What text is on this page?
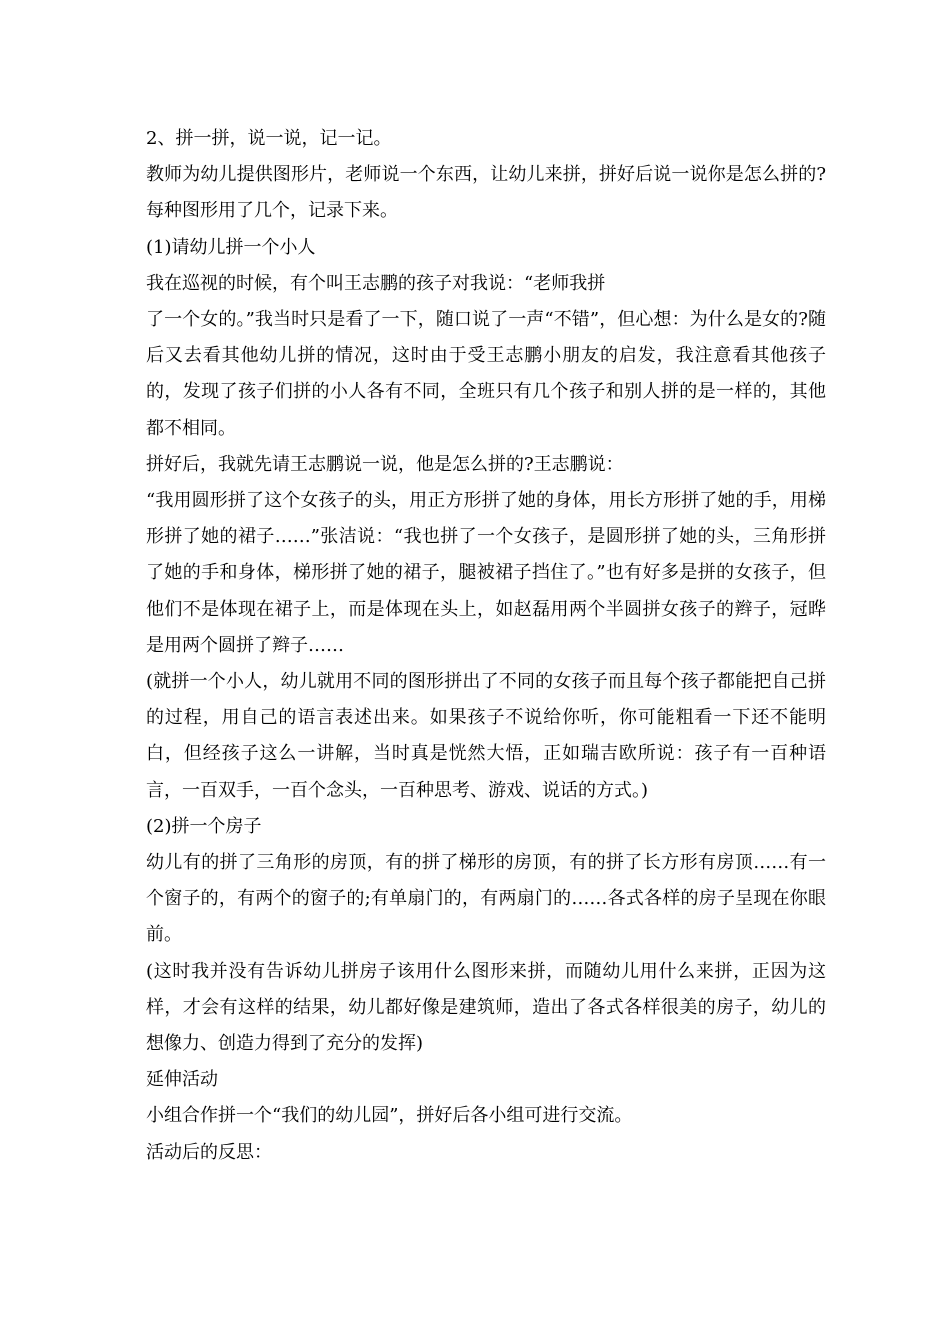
2、拼一拼，说一说，记一记。

教师为幼儿提供图形片，老师说一个东西，让幼儿来拼，拼好后说一说你是怎么拼的?每种图形用了几个，记录下来。

(1)请幼儿拼一个小人

我在巡视的时候，有个叫王志鹏的孩子对我说：“老师我拼

了一个女的。”我当时只是看了一下，随口说了一声“不错”，但心想：为什么是女的?随后又去看其他幼儿拼的情况，这时由于受王志鹏小朋友的启发，我注意看其他孩子的，发现了孩子们拼的小人各有不同，全班只有几个孩子和别人拼的是一样的，其他都不相同。

拼好后，我就先请王志鹏说一说，他是怎么拼的?王志鹏说：

“我用圆形拼了这个女孩子的头，用正方形拼了她的身体，用长方形拼了她的手，用梯形拼了她的裙子……”张洁说：“我也拼了一个女孩子，是圆形拼了她的头，三角形拼了她的手和身体，梯形拼了她的裙子，腿被裙子挡住了。”也有好多是拼的女孩子，但他们不是体现在裙子上，而是体现在头上，如赵磊用两个半圆拼女孩子的辫子，冠晔是用两个圆拼了辫子……

(就拼一个小人，幼儿就用不同的图形拼出了不同的女孩子而且每个孩子都能把自己拼的过程，用自己的语言表述出来。如果孩子不说给你听，你可能粗看一下还不能明白，但经孩子这么一讲解，当时真是恍然大悟，正如瑞吉欧所说：孩子有一百种语言，一百双手，一百个念头，一百种思考、游戏、说话的方式。)

(2)拼一个房子

幼儿有的拼了三角形的房顶，有的拼了梯形的房顶，有的拼了长方形有房顶……有一个窗子的，有两个的窗子的;有单扇门的，有两扇门的……各式各样的房子呈现在你眼前。

(这时我并没有告诉幼儿拼房子该用什么图形来拼，而随幼儿用什么来拼，正因为这样，才会有这样的结果，幼儿都好像是建筑师，造出了各式各样很美的房子，幼儿的想像力、创造力得到了充分的发挥)

延伸活动

小组合作拼一个“我们的幼儿园”，拼好后各小组可进行交流。

活动后的反思：
